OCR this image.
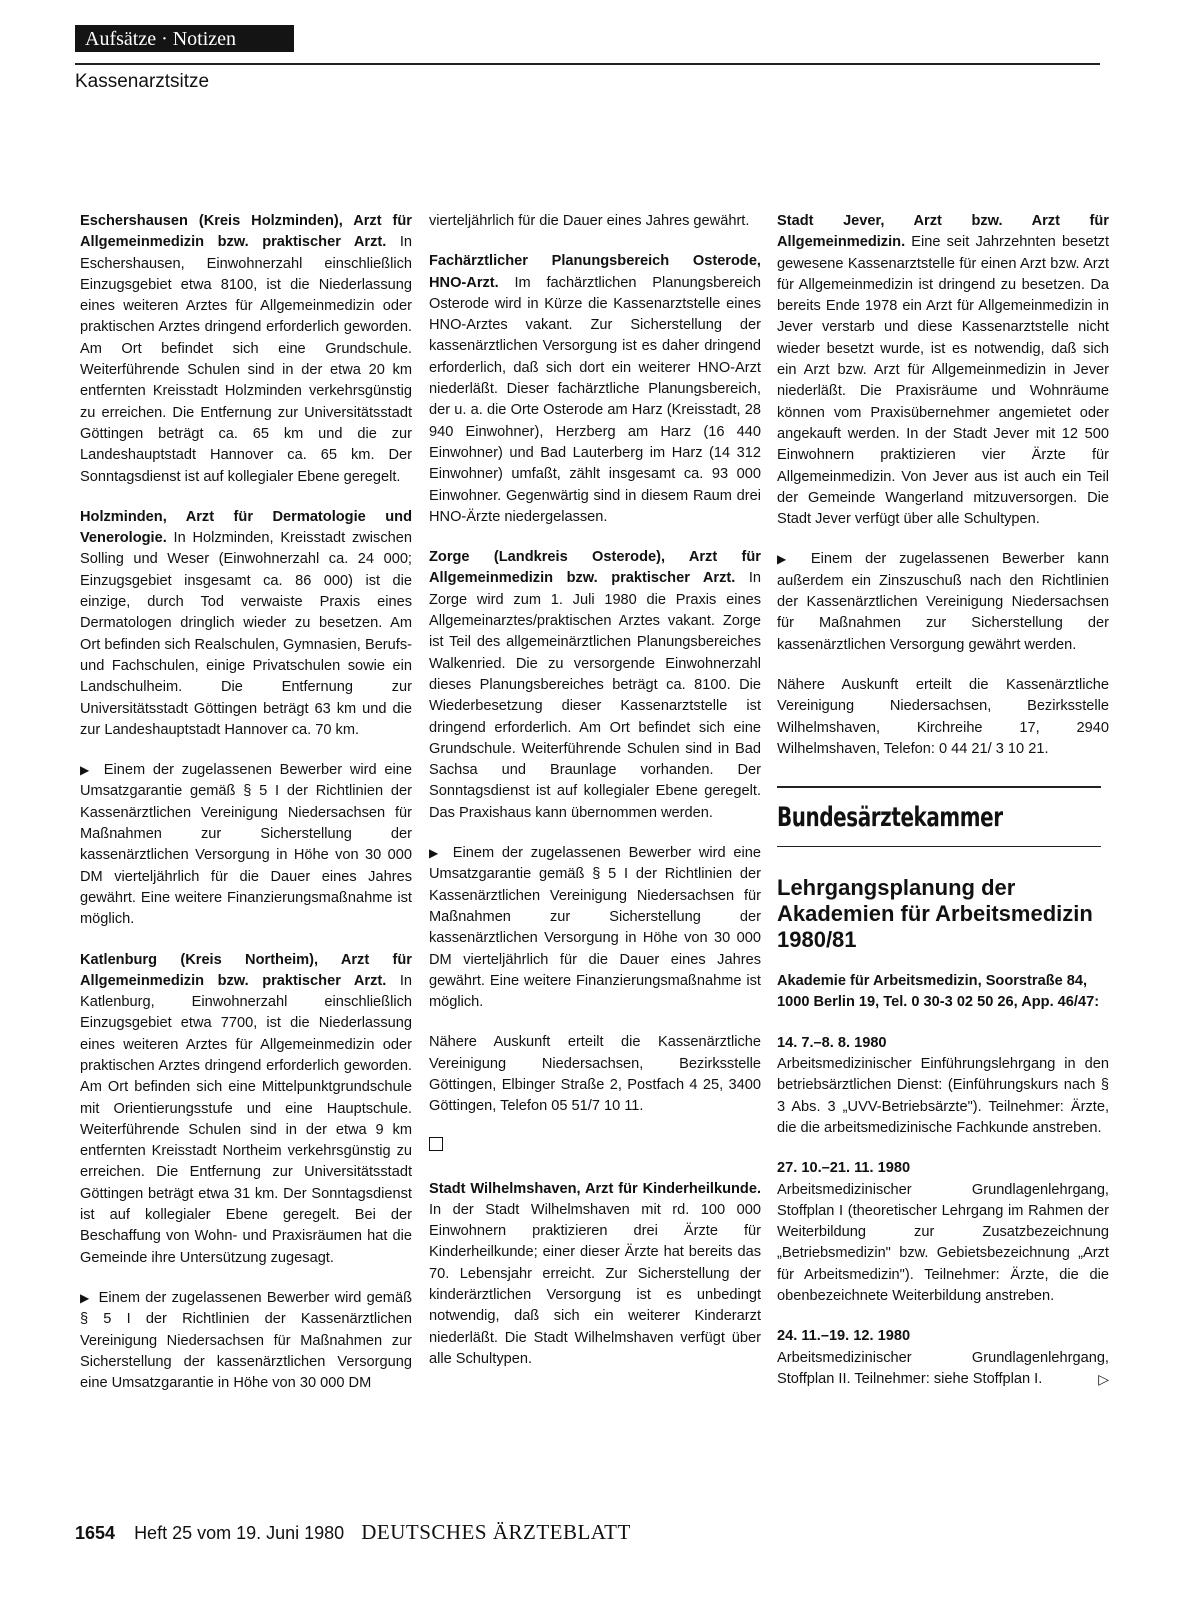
Aufsätze · Notizen
Kassenarztsitze

Eschershausen (Kreis Holzminden), Arzt für Allgemeinmedizin bzw. praktischer Arzt. In Eschershausen, Einwohnerzahl einschließlich Einzugsgebiet etwa 8100, ist die Niederlassung eines weiteren Arztes für Allgemeinmedizin oder praktischen Arztes dringend erforderlich geworden. Am Ort befindet sich eine Grundschule. Weiterführende Schulen sind in der etwa 20 km entfernten Kreisstadt Holzminden verkehrsgünstig zu erreichen. Die Entfernung zur Universitätsstadt Göttingen beträgt ca. 65 km und die zur Landeshauptstadt Hannover ca. 65 km. Der Sonntagsdienst ist auf kollegialer Ebene geregelt.

Holzminden, Arzt für Dermatologie und Venerologie. In Holzminden, Kreisstadt zwischen Solling und Weser (Einwohnerzahl ca. 24 000; Einzugsgebiet insgesamt ca. 86 000) ist die einzige, durch Tod verwaiste Praxis eines Dermatologen dringlich wieder zu besetzen. Am Ort befinden sich Realschulen, Gymnasien, Berufs- und Fachschulen, einige Privatschulen sowie ein Landschulheim. Die Entfernung zur Universitätsstadt Göttingen beträgt 63 km und die zur Landeshauptstadt Hannover ca. 70 km.

▶ Einem der zugelassenen Bewerber wird eine Umsatzgarantie gemäß § 5 I der Richtlinien der Kassenärztlichen Vereinigung Niedersachsen für Maßnahmen zur Sicherstellung der kassenärztlichen Versorgung in Höhe von 30 000 DM vierteljährlich für die Dauer eines Jahres gewährt. Eine weitere Finanzierungsmaßnahme ist möglich.

Katlenburg (Kreis Northeim), Arzt für Allgemeinmedizin bzw. praktischer Arzt. In Katlenburg, Einwohnerzahl einschließlich Einzugsgebiet etwa 7700, ist die Niederlassung eines weiteren Arztes für Allgemeinmedizin oder praktischen Arztes dringend erforderlich geworden. Am Ort befinden sich eine Mittelpunktgrundschule mit Orientierungsstufe und eine Hauptschule. Weiterführende Schulen sind in der etwa 9 km entfernten Kreisstadt Northeim verkehrsgünstig zu erreichen. Die Entfernung zur Universitätsstadt Göttingen beträgt etwa 31 km. Der Sonntagsdienst ist auf kollegialer Ebene geregelt. Bei der Beschaffung von Wohn- und Praxisräumen hat die Gemeinde ihre Untersützung zugesagt.

▶ Einem der zugelassenen Bewerber wird gemäß § 5 I der Richtlinien der Kassenärztlichen Vereinigung Niedersachsen für Maßnahmen zur Sicherstellung der kassenärztlichen Versorgung eine Umsatzgarantie in Höhe von 30 000 DM

vierteljährlich für die Dauer eines Jahres gewährt.

Fachärztlicher Planungsbereich Osterode, HNO-Arzt. Im fachärztlichen Planungsbereich Osterode wird in Kürze die Kassenarztstelle eines HNO-Arztes vakant. Zur Sicherstellung der kassenärztlichen Versorgung ist es daher dringend erforderlich, daß sich dort ein weiterer HNO-Arzt niederläßt. Dieser fachärztliche Planungsbereich, der u. a. die Orte Osterode am Harz (Kreisstadt, 28 940 Einwohner), Herzberg am Harz (16 440 Einwohner) und Bad Lauterberg im Harz (14 312 Einwohner) umfaßt, zählt insgesamt ca. 93 000 Einwohner. Gegenwärtig sind in diesem Raum drei HNO-Ärzte niedergelassen.

Zorge (Landkreis Osterode), Arzt für Allgemeinmedizin bzw. praktischer Arzt. In Zorge wird zum 1. Juli 1980 die Praxis eines Allgemeinarztes/praktischen Arztes vakant. Zorge ist Teil des allgemeinärztlichen Planungsbereiches Walkenried. Die zu versorgende Einwohnerzahl dieses Planungsbereiches beträgt ca. 8100. Die Wiederbesetzung dieser Kassenarztstelle ist dringend erforderlich. Am Ort befindet sich eine Grundschule. Weiterführende Schulen sind in Bad Sachsa und Braunlage vorhanden. Der Sonntagsdienst ist auf kollegialer Ebene geregelt. Das Praxishaus kann übernommen werden.

▶ Einem der zugelassenen Bewerber wird eine Umsatzgarantie gemäß § 5 I der Richtlinien der Kassenärztlichen Vereinigung Niedersachsen für Maßnahmen zur Sicherstellung der kassenärztlichen Versorgung in Höhe von 30 000 DM vierteljährlich für die Dauer eines Jahres gewährt. Eine weitere Finanzierungsmaßnahme ist möglich.

Nähere Auskunft erteilt die Kassenärztliche Vereinigung Niedersachsen, Bezirksstelle Göttingen, Elbinger Straße 2, Postfach 4 25, 3400 Göttingen, Telefon 05 51/7 10 11.

Stadt Wilhelmshaven, Arzt für Kinderheilkunde. In der Stadt Wilhelmshaven mit rd. 100 000 Einwohnern praktizieren drei Ärzte für Kinderheilkunde; einer dieser Ärzte hat bereits das 70. Lebensjahr erreicht. Zur Sicherstellung der kinderärztlichen Versorgung ist es unbedingt notwendig, daß sich ein weiterer Kinderarzt niederläßt. Die Stadt Wilhelmshaven verfügt über alle Schultypen.

Stadt Jever, Arzt bzw. Arzt für Allgemeinmedizin. Eine seit Jahrzehnten besetzt gewesene Kassenarztstelle für einen Arzt bzw. Arzt für Allgemeinmedizin ist dringend zu besetzen. Da bereits Ende 1978 ein Arzt für Allgemeinmedizin in Jever verstarb und diese Kassenarztstelle nicht wieder besetzt wurde, ist es notwendig, daß sich ein Arzt bzw. Arzt für Allgemeinmedizin in Jever niederläßt. Die Praxisräume und Wohnräume können vom Praxisübernehmer angemietet oder angekauft werden. In der Stadt Jever mit 12 500 Einwohnern praktizieren vier Ärzte für Allgemeinmedizin. Von Jever aus ist auch ein Teil der Gemeinde Wangerland mitzuversorgen. Die Stadt Jever verfügt über alle Schultypen.

▶ Einem der zugelassenen Bewerber kann außerdem ein Zinszuschuß nach den Richtlinien der Kassenärztlichen Vereinigung Niedersachsen für Maßnahmen zur Sicherstellung der kassenärztlichen Versorgung gewährt werden.

Nähere Auskunft erteilt die Kassenärztliche Vereinigung Niedersachsen, Bezirksstelle Wilhelmshaven, Kirchreihe 17, 2940 Wilhelmshaven, Telefon: 0 44 21/ 3 10 21.

Bundesärztekammer
Lehrgangsplanung der Akademien für Arbeitsmedizin 1980/81
Akademie für Arbeitsmedizin, Soorstraße 84, 1000 Berlin 19, Tel. 0 30-3 02 50 26, App. 46/47:

14. 7.–8. 8. 1980
Arbeitsmedizinischer Einführungslehrgang in den betriebsärztlichen Dienst: (Einführungskurs nach § 3 Abs. 3 „UVV-Betriebsärzte"). Teilnehmer: Ärzte, die die arbeitsmedizinische Fachkunde anstreben.

27. 10.–21. 11. 1980
Arbeitsmedizinischer Grundlagenlehrgang, Stoffplan I (theoretischer Lehrgang im Rahmen der Weiterbildung zur Zusatzbezeichnung „Betriebsmedizin" bzw. Gebietsbezeichnung „Arzt für Arbeitsmedizin"). Teilnehmer: Ärzte, die die obenbezeichnete Weiterbildung anstreben.

24. 11.–19. 12. 1980
Arbeitsmedizinischer Grundlagenlehrgang, Stoffplan II. Teilnehmer: siehe Stoffplan I.	▷

1654 Heft 25 vom 19. Juni 1980 DEUTSCHES ÄRZTEBLATT
